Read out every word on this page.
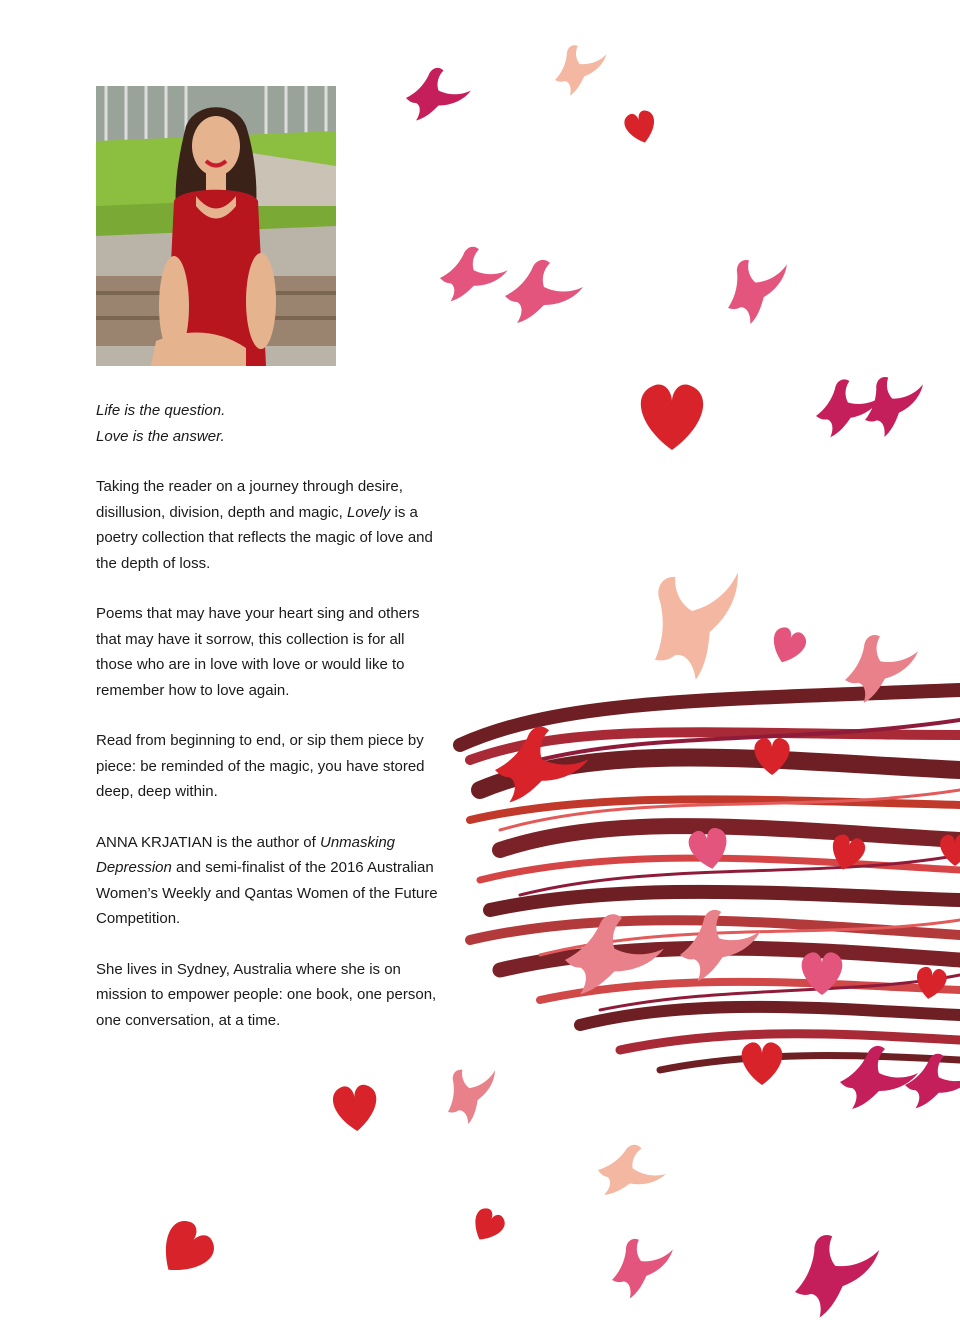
Life is the question.
Love is the answer.

Taking the reader on a journey through desire, disillusion, division, depth and magic, Lovely is a poetry collection that reflects the magic of love and the depth of loss.

Poems that may have your heart sing and others that may have it sorrow, this collection is for all those who are in love with love or would like to remember how to love again.

Read from beginning to end, or sip them piece by piece: be reminded of the magic, you have stored deep, deep within.

ANNA KRJATIAN is the author of Unmasking Depression and semi-finalist of the 2016 Australian Women’s Weekly and Qantas Women of the Future Competition.

She lives in Sydney, Australia where she is on mission to empower people: one book, one person, one conversation, at a time.
